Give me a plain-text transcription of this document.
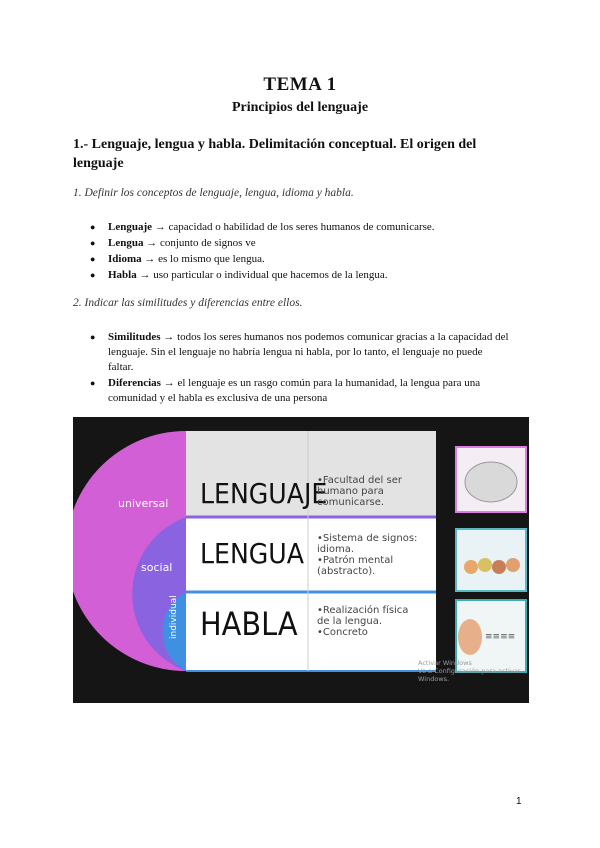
TEMA 1
Principios del lenguaje
1.- Lenguaje, lengua y habla. Delimitación conceptual. El origen del lenguaje
1. Definir los conceptos de lenguaje, lengua, idioma y habla.
● Lenguaje → capacidad o habilidad de los seres humanos de comunicarse.
● Lengua → conjunto de signos ve
● Idioma → es lo mismo que lengua.
● Habla → uso particular o individual que hacemos de la lengua.
2. Indicar las similitudes y diferencias entre ellos.
● Similitudes → todos los seres humanos nos podemos comunicar gracias a la capacidad del lenguaje. Sin el lenguaje no habría lengua ni habla, por lo tanto, el lenguaje no puede faltar.
● Diferencias → el lenguaje es un rasgo común para la humanidad, la lengua para una comunidad y el habla es exclusiva de una persona
≡≡≡≡
universal
social
individual
LENGUAJE
LENGUA
HABLA
•Facultad del ser
humano para
comunicarse.
•Sistema de signos:
idioma.
•Patrón mental
(abstracto).
•Realización física
de la lengua.
•Concreto
Activar Windows
Ve a Configuración para activar Windows.
1
